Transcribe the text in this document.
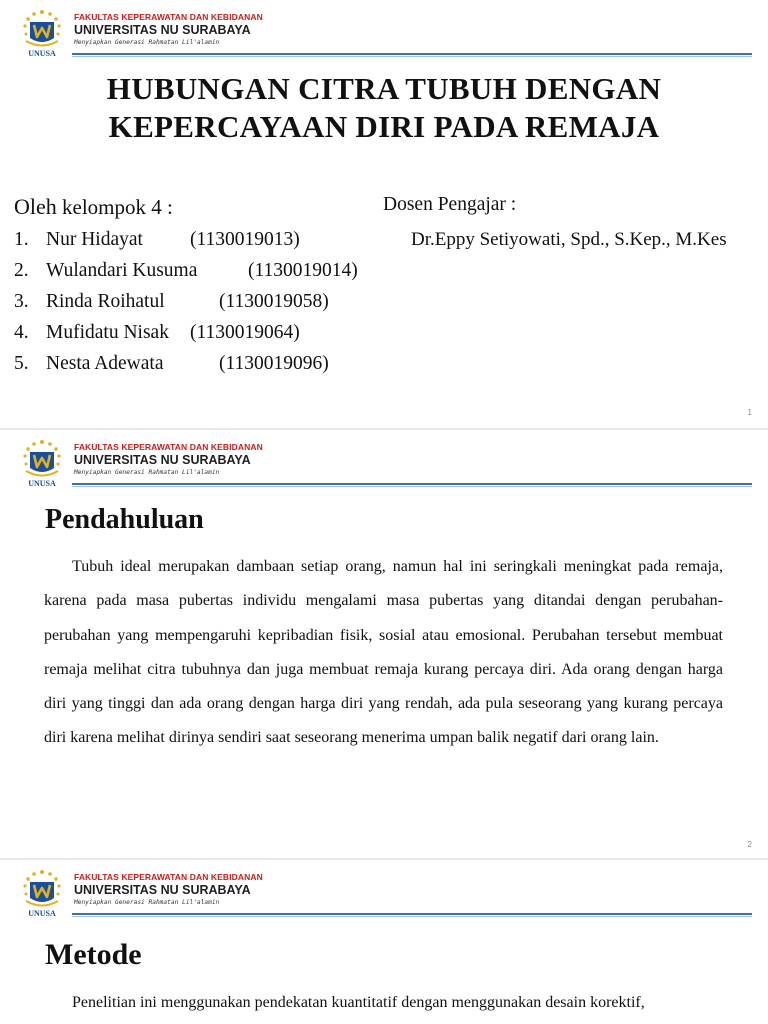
UNUSA
FAKULTAS KEPERAWATAN DAN KEBIDANAN
UNIVERSITAS NU SURABAYA
Menyiapkan Generasi Rahmatan Lil'alamin
HUBUNGAN CITRA TUBUH DENGAN
KEPERCAYAAN DIRI PADA REMAJA
Oleh kelompok 4 :
1. Nur Hidayat (1130019013)
2. Wulandari Kusuma	(1130019014)
3. Rinda Roihatul	(1130019058)
4. Mufidatu Nisak (1130019064)
5. Nesta Adewata	(1130019096)
Dosen Pengajar :
Dr.Eppy Setiyowati, Spd., S.Kep., M.Kes
1
UNUSA
FAKULTAS KEPERAWATAN DAN KEBIDANAN
UNIVERSITAS NU SURABAYA
Menyiapkan Generasi Rahmatan Lil'alamin
Pendahuluan
Tubuh ideal merupakan dambaan setiap orang, namun hal ini seringkali meningkat pada remaja, karena pada masa pubertas individu mengalami masa pubertas yang ditandai dengan perubahan-perubahan yang mempengaruhi kepribadian fisik, sosial atau emosional. Perubahan tersebut membuat remaja melihat citra tubuhnya dan juga membuat remaja kurang percaya diri. Ada orang dengan harga diri yang tinggi dan ada orang dengan harga diri yang rendah, ada pula seseorang yang kurang percaya diri karena melihat dirinya sendiri saat seseorang menerima umpan balik negatif dari orang lain.
2
UNUSA
FAKULTAS KEPERAWATAN DAN KEBIDANAN
UNIVERSITAS NU SURABAYA
Menyiapkan Generasi Rahmatan Lil'alamin
Metode
Penelitian ini menggunakan pendekatan kuantitatif dengan menggunakan desain korektif,
